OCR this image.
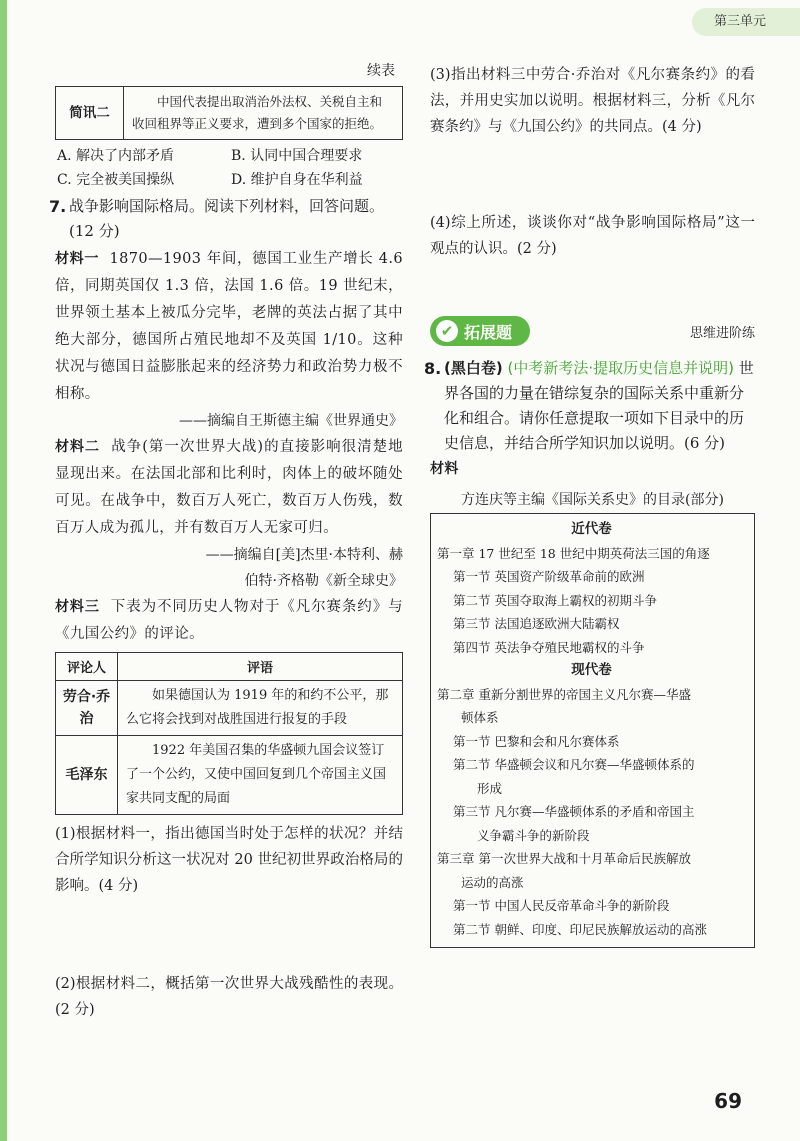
第三单元
续表
简讯二	中国代表提出取消治外法权、关税自主和收回租界等正义要求，遭到多个国家的拒绝。
A. 解决了内部矛盾	B. 认同中国合理要求
C. 完全被美国操纵	D. 维护自身在华利益
7. 战争影响国际格局。阅读下列材料，回答问题。(12 分)
材料一 1870—1903 年间，德国工业生产增长 4.6 倍，同期英国仅 1.3 倍，法国 1.6 倍。19 世纪末，世界领土基本上被瓜分完毕，老牌的英法占据了其中绝大部分，德国所占殖民地却不及英国 1/10。这种状况与德国日益膨胀起来的经济势力和政治势力极不相称。
——摘编自王斯德主编《世界通史》
材料二 战争(第一次世界大战)的直接影响很清楚地显现出来。在法国北部和比利时，肉体上的破坏随处可见。在战争中，数百万人死亡，数百万人伤残，数百万人成为孤儿，并有数百万人无家可归。
——摘编自[美]杰里·本特利、赫
伯特·齐格勒《新全球史》
材料三 下表为不同历史人物对于《凡尔赛条约》与《九国公约》的评论。
评论人	评语
劳合·乔治	如果德国认为 1919 年的和约不公平，那么它将会找到对战胜国进行报复的手段
毛泽东	1922 年美国召集的华盛顿九国会议签订了一个公约，又使中国回复到几个帝国主义国家共同支配的局面
(1)根据材料一，指出德国当时处于怎样的状况？并结合所学知识分析这一状况对 20 世纪初世界政治格局的影响。(4 分)
(2)根据材料二，概括第一次世界大战残酷性的表现。(2 分)
(3)指出材料三中劳合·乔治对《凡尔赛条约》的看法，并用史实加以说明。根据材料三，分析《凡尔赛条约》与《九国公约》的共同点。(4 分)
(4)综上所述，谈谈你对“战争影响国际格局”这一观点的认识。(2 分)
✔ 拓展题	思维进阶练
8. (黑白卷) (中考新考法·提取历史信息并说明) 世界各国的力量在错综复杂的国际关系中重新分化和组合。请你任意提取一项如下目录中的历史信息，并结合所学知识加以说明。(6 分)
材料
方连庆等主编《国际关系史》的目录(部分)
近代卷
第一章 17 世纪至 18 世纪中期英荷法三国的角逐
第一节 英国资产阶级革命前的欧洲
第二节 英国夺取海上霸权的初期斗争
第三节 法国追逐欧洲大陆霸权
第四节 英法争夺殖民地霸权的斗争
现代卷
第二章 重新分割世界的帝国主义凡尔赛—华盛
顿体系
第一节 巴黎和会和凡尔赛体系
第二节 华盛顿会议和凡尔赛—华盛顿体系的
形成
第三节 凡尔赛—华盛顿体系的矛盾和帝国主
义争霸斗争的新阶段
第三章 第一次世界大战和十月革命后民族解放
运动的高涨
第一节 中国人民反帝革命斗争的新阶段
第二节 朝鲜、印度、印尼民族解放运动的高涨
69
